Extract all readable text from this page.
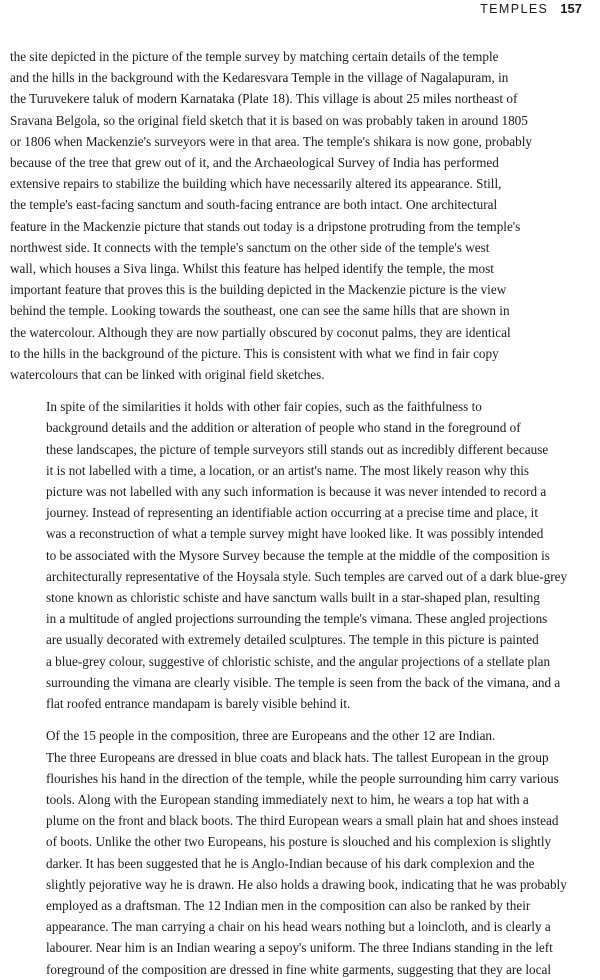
TEMPLES 157

the site depicted in the picture of the temple survey by matching certain details of the temple
and the hills in the background with the Kedaresvara Temple in the village of Nagalapuram, in
the Turuvekere taluk of modern Karnataka (Plate 18). This village is about 25 miles northeast of
Sravana Belgola, so the original field sketch that it is based on was probably taken in around 1805
or 1806 when Mackenzie's surveyors were in that area. The temple's shikara is now gone, probably
because of the tree that grew out of it, and the Archaeological Survey of India has performed
extensive repairs to stabilize the building which have necessarily altered its appearance. Still,
the temple's east-facing sanctum and south-facing entrance are both intact. One architectural
feature in the Mackenzie picture that stands out today is a dripstone protruding from the temple's
northwest side. It connects with the temple's sanctum on the other side of the temple's west
wall, which houses a Siva linga. Whilst this feature has helped identify the temple, the most
important feature that proves this is the building depicted in the Mackenzie picture is the view
behind the temple. Looking towards the southeast, one can see the same hills that are shown in
the watercolour. Although they are now partially obscured by coconut palms, they are identical
to the hills in the background of the picture. This is consistent with what we find in fair copy
watercolours that can be linked with original field sketches.

In spite of the similarities it holds with other fair copies, such as the faithfulness to
background details and the addition or alteration of people who stand in the foreground of
these landscapes, the picture of temple surveyors still stands out as incredibly different because
it is not labelled with a time, a location, or an artist's name. The most likely reason why this
picture was not labelled with any such information is because it was never intended to record a
journey. Instead of representing an identifiable action occurring at a precise time and place, it
was a reconstruction of what a temple survey might have looked like. It was possibly intended
to be associated with the Mysore Survey because the temple at the middle of the composition is
architecturally representative of the Hoysala style. Such temples are carved out of a dark blue-grey
stone known as chloristic schiste and have sanctum walls built in a star-shaped plan, resulting
in a multitude of angled projections surrounding the temple's vimana. These angled projections
are usually decorated with extremely detailed sculptures. The temple in this picture is painted
a blue-grey colour, suggestive of chloristic schiste, and the angular projections of a stellate plan
surrounding the vimana are clearly visible. The temple is seen from the back of the vimana, and a
flat roofed entrance mandapam is barely visible behind it.

Of the 15 people in the composition, three are Europeans and the other 12 are Indian.
The three Europeans are dressed in blue coats and black hats. The tallest European in the group
flourishes his hand in the direction of the temple, while the people surrounding him carry various
tools. Along with the European standing immediately next to him, he wears a top hat with a
plume on the front and black boots. The third European wears a small plain hat and shoes instead
of boots. Unlike the other two Europeans, his posture is slouched and his complexion is slightly
darker. It has been suggested that he is Anglo-Indian because of his dark complexion and the
slightly pejorative way he is drawn. He also holds a drawing book, indicating that he was probably
employed as a draftsman. The 12 Indian men in the composition can also be ranked by their
appearance. The man carrying a chair on his head wears nothing but a loincloth, and is clearly a
labourer. Near him is an Indian wearing a sepoy's uniform. The three Indians standing in the left
foreground of the composition are dressed in fine white garments, suggesting that they are local
